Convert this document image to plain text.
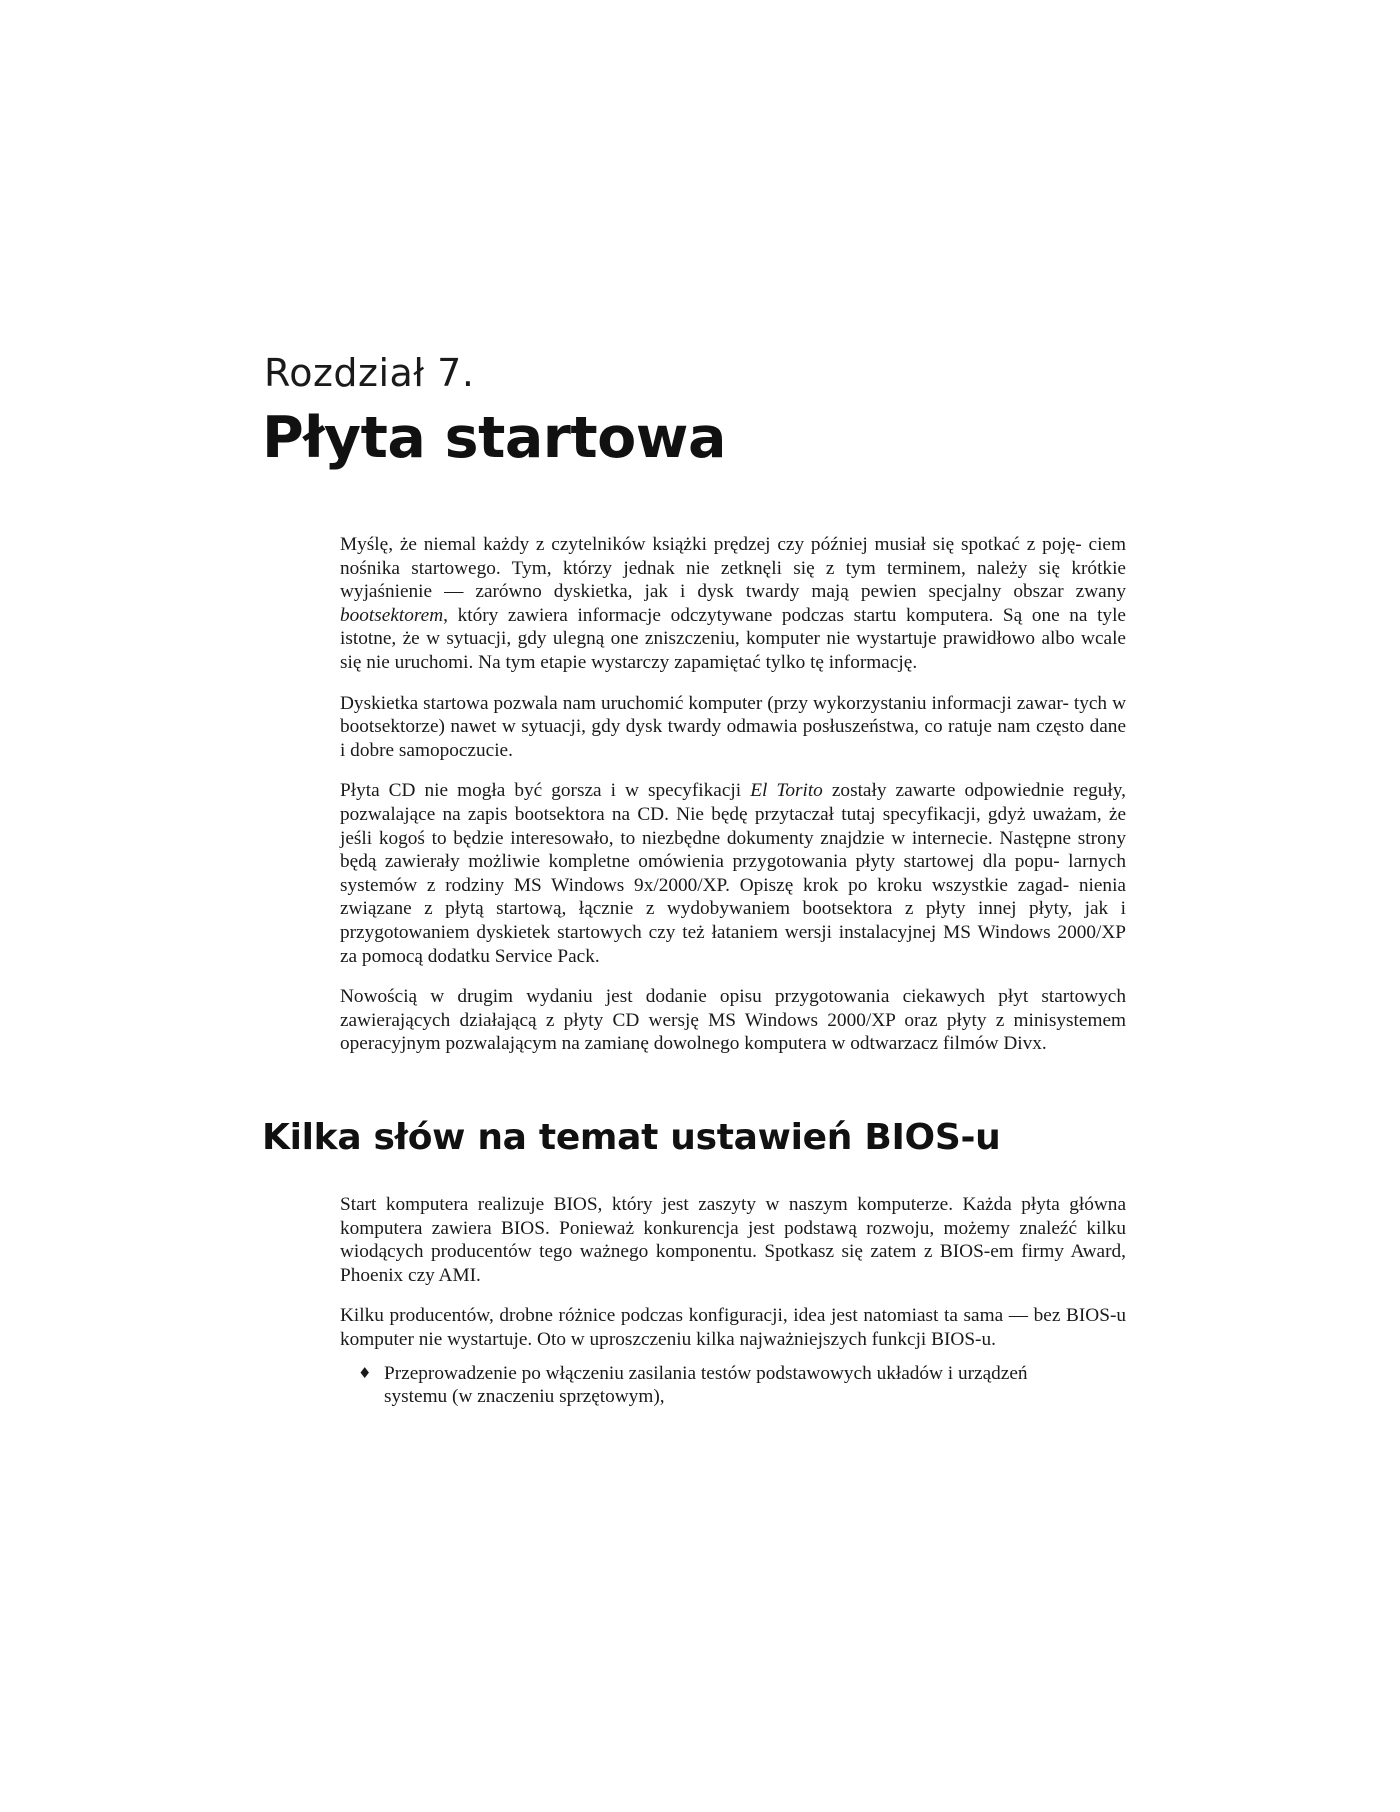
Rozdział 7.
Płyta startowa

Myślę, że niemal każdy z czytelników książki prędzej czy później musiał się spotkać z poję- ciem nośnika startowego. Tym, którzy jednak nie zetknęli się z tym terminem, należy się krótkie wyjaśnienie — zarówno dyskietka, jak i dysk twardy mają pewien specjalny obszar zwany bootsektorem, który zawiera informacje odczytywane podczas startu komputera. Są one na tyle istotne, że w sytuacji, gdy ulegną one zniszczeniu, komputer nie wystartuje prawidłowo albo wcale się nie uruchomi. Na tym etapie wystarczy zapamiętać tylko tę informację.

Dyskietka startowa pozwala nam uruchomić komputer (przy wykorzystaniu informacji zawar- tych w bootsektorze) nawet w sytuacji, gdy dysk twardy odmawia posłuszeństwa, co ratuje nam często dane i dobre samopoczucie.

Płyta CD nie mogła być gorsza i w specyfikacji El Torito zostały zawarte odpowiednie reguły, pozwalające na zapis bootsektora na CD. Nie będę przytaczał tutaj specyfikacji, gdyż uważam, że jeśli kogoś to będzie interesowało, to niezbędne dokumenty znajdzie w internecie. Następne strony będą zawierały możliwie kompletne omówienia przygotowania płyty startowej dla popu- larnych systemów z rodziny MS Windows 9x/2000/XP. Opiszę krok po kroku wszystkie zagad- nienia związane z płytą startową, łącznie z wydobywaniem bootsektora z płyty innej płyty, jak i przygotowaniem dyskietek startowych czy też łataniem wersji instalacyjnej MS Windows 2000/XP za pomocą dodatku Service Pack.

Nowością w drugim wydaniu jest dodanie opisu przygotowania ciekawych płyt startowych zawierających działającą z płyty CD wersję MS Windows 2000/XP oraz płyty z minisystemem operacyjnym pozwalającym na zamianę dowolnego komputera w odtwarzacz filmów Divx.

Kilka słów na temat ustawień BIOS-u

Start komputera realizuje BIOS, który jest zaszyty w naszym komputerze. Każda płyta główna komputera zawiera BIOS. Ponieważ konkurencja jest podstawą rozwoju, możemy znaleźć kilku wiodących producentów tego ważnego komponentu. Spotkasz się zatem z BIOS-em firmy Award, Phoenix czy AMI.

Kilku producentów, drobne różnice podczas konfiguracji, idea jest natomiast ta sama — bez BIOS-u komputer nie wystartuje. Oto w uproszczeniu kilka najważniejszych funkcji BIOS-u.

♦ Przeprowadzenie po włączeniu zasilania testów podstawowych układów i urządzeń systemu (w znaczeniu sprzętowym),
